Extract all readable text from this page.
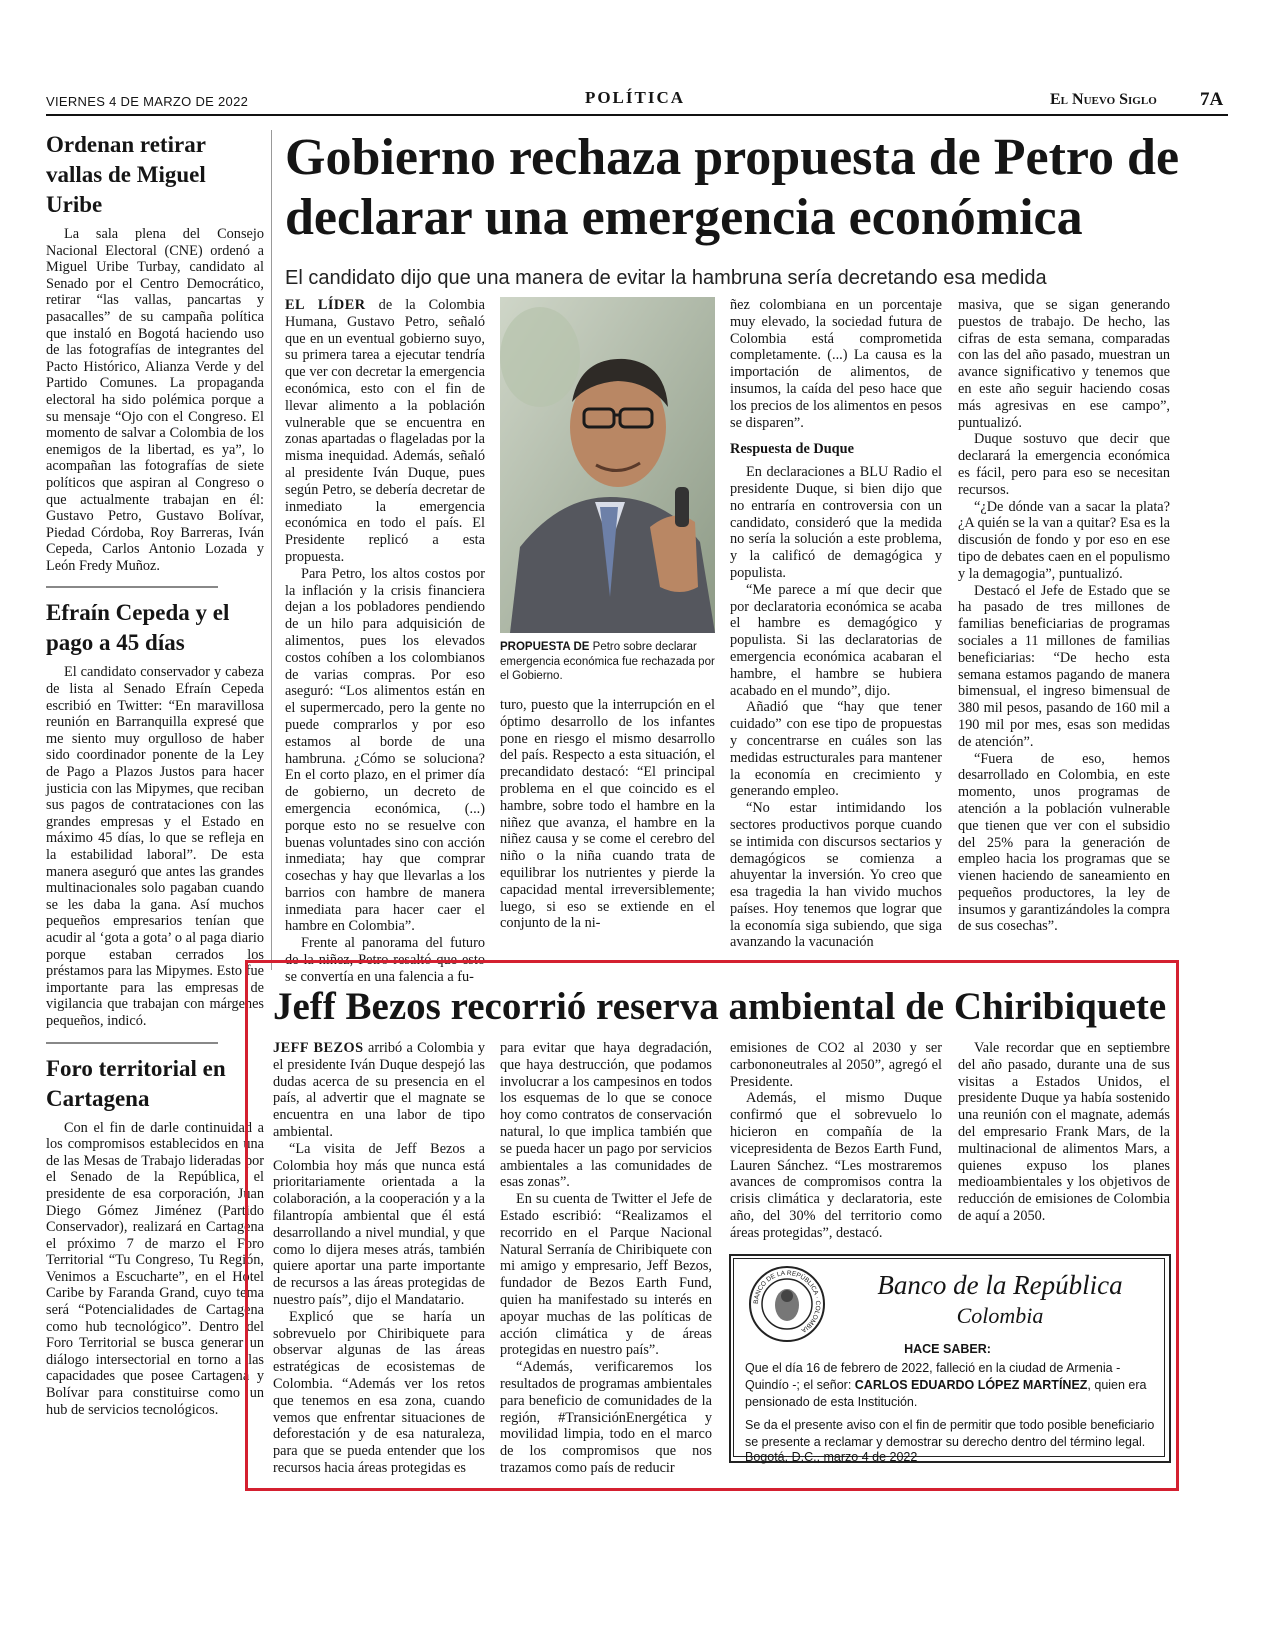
VIERNES 4 DE MARZO DE 2022	POLÍTICA	El Nuevo Siglo 7A
Ordenan retirar vallas de Miguel Uribe

La sala plena del Consejo Nacional Electoral (CNE) ordenó a Miguel Uribe Turbay, candidato al Senado por el Centro Democrático, retirar “las vallas, pancartas y pasacalles” de su campaña política que instaló en Bogotá haciendo uso de las fotografías de integrantes del Pacto Histórico, Alianza Verde y del Partido Comunes. La propaganda electoral ha sido polémica porque a su mensaje “Ojo con el Congreso. El momento de salvar a Colombia de los enemigos de la libertad, es ya”, lo acompañan las fotografías de siete políticos que aspiran al Congreso o que actualmente trabajan en él: Gustavo Petro, Gustavo Bolívar, Piedad Córdoba, Roy Barreras, Iván Cepeda, Carlos Antonio Lozada y León Fredy Muñoz.

Efraín Cepeda y el pago a 45 días

El candidato conservador y cabeza de lista al Senado Efraín Cepeda escribió en Twitter: “En maravillosa reunión en Barranquilla expresé que me siento muy orgulloso de haber sido coordinador ponente de la Ley de Pago a Plazos Justos para hacer justicia con las Mipymes, que reciban sus pagos de contrataciones con las grandes empresas y el Estado en máximo 45 días, lo que se refleja en la estabilidad laboral”. De esta manera aseguró que antes las grandes multinacionales solo pagaban cuando se les daba la gana. Así muchos pequeños empresarios tenían que acudir al ‘gota a gota’ o al paga diario porque estaban cerrados los préstamos para las Mipymes. Esto fue importante para las empresas de vigilancia que trabajan con márgenes pequeños, indicó.

Foro territorial en Cartagena

Con el fin de darle continuidad a los compromisos establecidos en una de las Mesas de Trabajo lideradas por el Senado de la República, el presidente de esa corporación, Juan Diego Gómez Jiménez (Partido Conservador), realizará en Cartagena el próximo 7 de marzo el Foro Territorial “Tu Congreso, Tu Región, Venimos a Escucharte”, en el Hotel Caribe by Faranda Grand, cuyo tema será “Potencialidades de Cartagena como hub tecnológico”. Dentro del Foro Territorial se busca generar un diálogo intersectorial en torno a las capacidades que posee Cartagena y Bolívar para constituirse como un hub de servicios tecnológicos.

Gobierno rechaza propuesta de Petro de declarar una emergencia económica

El candidato dijo que una manera de evitar la hambruna sería decretando esa medida

EL LÍDER de la Colombia Humana, Gustavo Petro, señaló que en un eventual gobierno suyo, su primera tarea a ejecutar tendría que ver con decretar la emergencia económica, esto con el fin de llevar alimento a la población vulnerable que se encuentra en zonas apartadas o flageladas por la misma inequidad. Además, señaló al presidente Iván Duque, pues según Petro, se debería decretar de inmediato la emergencia económica en todo el país. El Presidente replicó a esta propuesta.

Para Petro, los altos costos por la inflación y la crisis financiera dejan a los pobladores pendiendo de un hilo para adquisición de alimentos, pues los elevados costos cohíben a los colombianos de varias compras. Por eso aseguró: “Los alimentos están en el supermercado, pero la gente no puede comprarlos y por eso estamos al borde de una hambruna. ¿Cómo se soluciona? En el corto plazo, en el primer día de gobierno, un decreto de emergencia económica, (...) porque esto no se resuelve con buenas voluntades sino con acción inmediata; hay que comprar cosechas y hay que llevarlas a los barrios con hambre de manera inmediata para hacer caer el hambre en Colombia”.

Frente al panorama del futuro de la niñez, Petro resaltó que esto se convertía en una falencia a fu-

PROPUESTA DE Petro sobre declarar emergencia económica fue rechazada por el Gobierno.

turo, puesto que la interrupción en el óptimo desarrollo de los infantes pone en riesgo el mismo desarrollo del país. Respecto a esta situación, el precandidato destacó: “El principal problema en el que coincido es el hambre, sobre todo el hambre en la niñez que avanza, el hambre en la niñez causa y se come el cerebro del niño o la niña cuando trata de equilibrar los nutrientes y pierde la capacidad mental irreversiblemente; luego, si eso se extiende en el conjunto de la ni-

ñez colombiana en un porcentaje muy elevado, la sociedad futura de Colombia está comprometida completamente. (...) La causa es la importación de alimentos, de insumos, la caída del peso hace que los precios de los alimentos en pesos se disparen”.

Respuesta de Duque

En declaraciones a BLU Radio el presidente Duque, si bien dijo que no entraría en controversia con un candidato, consideró que la medida no sería la solución a este problema, y la calificó de demagógica y populista.

“Me parece a mí que decir que por declaratoria económica se acaba el hambre es demagógico y populista. Si las declaratorias de emergencia económica acabaran el hambre, el hambre se hubiera acabado en el mundo”, dijo.

Añadió que “hay que tener cuidado” con ese tipo de propuestas y concentrarse en cuáles son las medidas estructurales para mantener la economía en crecimiento y generando empleo.

“No estar intimidando los sectores productivos porque cuando se intimida con discursos sectarios y demagógicos se comienza a ahuyentar la inversión. Yo creo que esa tragedia la han vivido muchos países. Hoy tenemos que lograr que la economía siga subiendo, que siga avanzando la vacunación

masiva, que se sigan generando puestos de trabajo. De hecho, las cifras de esta semana, comparadas con las del año pasado, muestran un avance significativo y tenemos que en este año seguir haciendo cosas más agresivas en ese campo”, puntualizó.

Duque sostuvo que decir que declarará la emergencia económica es fácil, pero para eso se necesitan recursos.

“¿De dónde van a sacar la plata? ¿A quién se la van a quitar? Esa es la discusión de fondo y por eso en ese tipo de debates caen en el populismo y la demagogia”, puntualizó.

Destacó el Jefe de Estado que se ha pasado de tres millones de familias beneficiarias de programas sociales a 11 millones de familias beneficiarias: “De hecho esta semana estamos pagando de manera bimensual, el ingreso bimensual de 380 mil pesos, pasando de 160 mil a 190 mil por mes, esas son medidas de atención”.

“Fuera de eso, hemos desarrollado en Colombia, en este momento, unos programas de atención a la población vulnerable que tienen que ver con el subsidio del 25% para la generación de empleo hacia los programas que se vienen haciendo de saneamiento en pequeños productores, la ley de insumos y garantizándoles la compra de sus cosechas”.

Jeff Bezos recorrió reserva ambiental de Chiribiquete

JEFF BEZOS arribó a Colombia y el presidente Iván Duque despejó las dudas acerca de su presencia en el país, al advertir que el magnate se encuentra en una labor de tipo ambiental.

“La visita de Jeff Bezos a Colombia hoy más que nunca está prioritariamente orientada a la colaboración, a la cooperación y a la filantropía ambiental que él está desarrollando a nivel mundial, y que como lo dijera meses atrás, también quiere aportar una parte importante de recursos a las áreas protegidas de nuestro país”, dijo el Mandatario.

Explicó que se haría un sobrevuelo por Chiribiquete para observar algunas de las áreas estratégicas de ecosistemas de Colombia. “Además ver los retos que tenemos en esa zona, cuando vemos que enfrentar situaciones de deforestación y de esa naturaleza, para que se pueda entender que los recursos hacia áreas protegidas es

para evitar que haya degradación, que haya destrucción, que podamos involucrar a los campesinos en todos los esquemas de lo que se conoce hoy como contratos de conservación natural, lo que implica también que se pueda hacer un pago por servicios ambientales a las comunidades de esas zonas”.

En su cuenta de Twitter el Jefe de Estado escribió: “Realizamos el recorrido en el Parque Nacional Natural Serranía de Chiribiquete con mi amigo y empresario, Jeff Bezos, fundador de Bezos Earth Fund, quien ha manifestado su interés en apoyar muchas de las políticas de acción climática y de áreas protegidas en nuestro país”.

“Además, verificaremos los resultados de programas ambientales para beneficio de comunidades de la región, #TransiciónEnergética y movilidad limpia, todo en el marco de los compromisos que nos trazamos como país de reducir

emisiones de CO2 al 2030 y ser carbononeutrales al 2050”, agregó el Presidente.

Además, el mismo Duque confirmó que el sobrevuelo lo hicieron en compañía de la vicepresidenta de Bezos Earth Fund, Lauren Sánchez. “Les mostraremos avances de compromisos contra la crisis climática y declaratoria, este año, del 30% del territorio como áreas protegidas”, destacó.

Vale recordar que en septiembre del año pasado, durante una de sus visitas a Estados Unidos, el presidente Duque ya había sostenido una reunión con el magnate, además del empresario Frank Mars, de la multinacional de alimentos Mars, a quienes expuso los planes medioambientales y los objetivos de reducción de emisiones de Colombia de aquí a 2050.

BANCO DE LA REPÚBLICA · COLOMBIA

Banco de la República

Colombia

HACE SABER:

Que el día 16 de febrero de 2022, falleció en la ciudad de Armenia - Quindío -; el señor: CARLOS EDUARDO LÓPEZ MARTÍNEZ, quien era pensionado de esta Institución.

Se da el presente aviso con el fin de permitir que todo posible beneficiario se presente a reclamar y demostrar su derecho dentro del término legal.

Bogotá, D.C., marzo 4 de 2022
